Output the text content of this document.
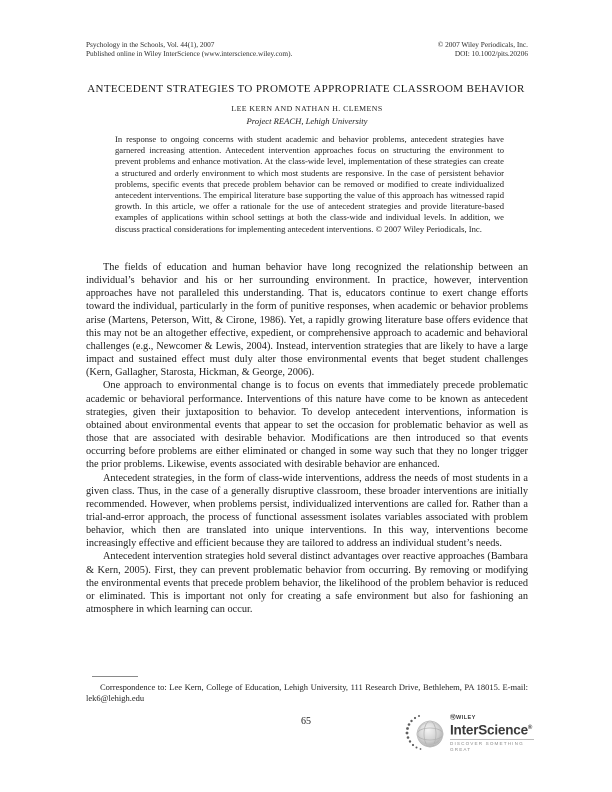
Psychology in the Schools, Vol. 44(1), 2007
Published online in Wiley InterScience (www.interscience.wiley.com).
© 2007 Wiley Periodicals, Inc.
DOI: 10.1002/pits.20206
ANTECEDENT STRATEGIES TO PROMOTE APPROPRIATE CLASSROOM BEHAVIOR
LEE KERN AND NATHAN H. CLEMENS
Project REACH, Lehigh University
In response to ongoing concerns with student academic and behavior problems, antecedent strategies have garnered increasing attention. Antecedent intervention approaches focus on structuring the environment to prevent problems and enhance motivation. At the class-wide level, implementation of these strategies can create a structured and orderly environment to which most students are responsive. In the case of persistent behavior problems, specific events that precede problem behavior can be removed or modified to create individualized antecedent interventions. The empirical literature base supporting the value of this approach has witnessed rapid growth. In this article, we offer a rationale for the use of antecedent strategies and provide literature-based examples of applications within school settings at both the class-wide and individual levels. In addition, we discuss practical considerations for implementing antecedent interventions. © 2007 Wiley Periodicals, Inc.

The fields of education and human behavior have long recognized the relationship between an individual’s behavior and his or her surrounding environment. In practice, however, intervention approaches have not paralleled this understanding. That is, educators continue to exert change efforts toward the individual, particularly in the form of punitive responses, when academic or behavior problems arise (Martens, Peterson, Witt, & Cirone, 1986). Yet, a rapidly growing literature base offers evidence that this may not be an altogether effective, expedient, or comprehensive approach to academic and behavioral challenges (e.g., Newcomer & Lewis, 2004). Instead, intervention strategies that are likely to have a large impact and sustained effect must duly alter those environmental events that beget student challenges (Kern, Gallagher, Starosta, Hickman, & George, 2006).

One approach to environmental change is to focus on events that immediately precede problematic academic or behavioral performance. Interventions of this nature have come to be known as antecedent strategies, given their juxtaposition to behavior. To develop antecedent interventions, information is obtained about environmental events that appear to set the occasion for problematic behavior as well as those that are associated with desirable behavior. Modifications are then introduced so that events occurring before problems are either eliminated or changed in some way such that they no longer trigger the prior problems. Likewise, events associated with desirable behavior are enhanced.

Antecedent strategies, in the form of class-wide interventions, address the needs of most students in a given class. Thus, in the case of a generally disruptive classroom, these broader interventions are initially recommended. However, when problems persist, individualized interventions are called for. Rather than a trial-and-error approach, the process of functional assessment isolates variables associated with problem behavior, which then are translated into unique interventions. In this way, interventions become increasingly effective and efficient because they are tailored to address an individual student’s needs.

Antecedent intervention strategies hold several distinct advantages over reactive approaches (Bambara & Kern, 2005). First, they can prevent problematic behavior from occurring. By removing or modifying the environmental events that precede problem behavior, the likelihood of the problem behavior is reduced or eliminated. This is important not only for creating a safe environment but also for fashioning an atmosphere in which learning can occur.

Correspondence to: Lee Kern, College of Education, Lehigh University, 111 Research Drive, Bethlehem, PA 18015. E-mail: lek6@lehigh.edu
65	ⓌWILEY
InterScience®
DISCOVER SOMETHING GREAT
